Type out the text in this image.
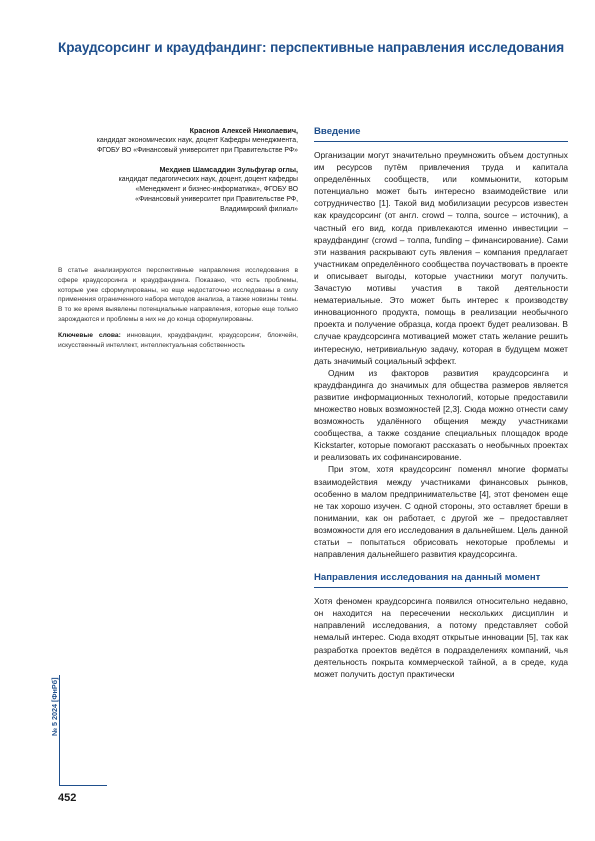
Краудсорсинг и краудфандинг: перспективные направления исследования
Краснов Алексей Николаевич,
кандидат экономических наук, доцент Кафедры менеджмента,
ФГОБУ ВО «Финансовый университет при Правительстве РФ»
Мехдиев Шамсаддин Зульфугар оглы,
кандидат педагогических наук, доцент, доцент кафедры
«Менеджмент и бизнес-информатика», ФГОБУ ВО
«Финансовый университет при Правительстве РФ,
Владимирский филиал»

В статье анализируются перспективные направления исследования в сфере краудсорсинга и краудфандинга. Показано, что есть проблемы, которые уже сформулированы, но еще недостаточно исследованы в силу применения ограниченного набора методов анализа, а также новизны темы. В то же время выявлены потенциальные направления, которые еще только зарождаются и проблемы в них не до конца сформулированы.

Ключевые слова: инновации, краудфандинг, краудсорсинг, блокчейн, искусственный интеллект, интеллектуальная собственность

Введение

Организации могут значительно преумножить объем доступных им ресурсов путём привлечения труда и капитала определённых сообществ, или коммьюнити, которым потенциально может быть интересно взаимодействие или сотрудничество [1]. Такой вид мобилизации ресурсов известен как краудсорсинг (от англ. crowd – толпа, source – источник), а частный его вид, когда привлекаются именно инвестиции – краудфандинг (crowd – толпа, funding – финансирование). Сами эти названия раскрывают суть явления – компания предлагает участникам определённого сообщества поучаствовать в проекте и описывает выгоды, которые участники могут получить. Зачастую мотивы участия в такой деятельности нематериальные. Это может быть интерес к производству инновационного продукта, помощь в реализации необычного проекта и получение образца, когда проект будет реализован. В случае краудсорсинга мотивацией может стать желание решить интересную, нетривиальную задачу, которая в будущем может дать значимый социальный эффект.

Одним из факторов развития краудсорсинга и краудфандинга до значимых для общества размеров является развитие информационных технологий, которые предоставили множество новых возможностей [2,3]. Сюда можно отнести саму возможность удалённого общения между участниками сообщества, а также создание специальных площадок вроде Kickstarter, которые помогают рассказать о необычных проектах и реализовать их софинансирование.

При этом, хотя краудсорсинг поменял многие форматы взаимодействия между участниками финансовых рынков, особенно в малом предпринимательстве [4], этот феномен еще не так хорошо изучен. С одной стороны, это оставляет бреши в понимании, как он работает, с другой же – предоставляет возможности для его исследования в дальнейшем. Цель данной статьи – попытаться обрисовать некоторые проблемы и направления дальнейшего развития краудсорсинга.

Направления исследования на данный момент

Хотя феномен краудсорсинга появился относительно недавно, он находится на пересечении нескольких дисциплин и направлений исследования, а потому представляет собой немалый интерес. Сюда входят открытые инновации [5], так как разработка проектов ведётся в подразделениях компаний, чья деятельность покрыта коммерческой тайной, а в среде, куда может получить доступ практически

№ 5 2024 [ФнРб]
452
